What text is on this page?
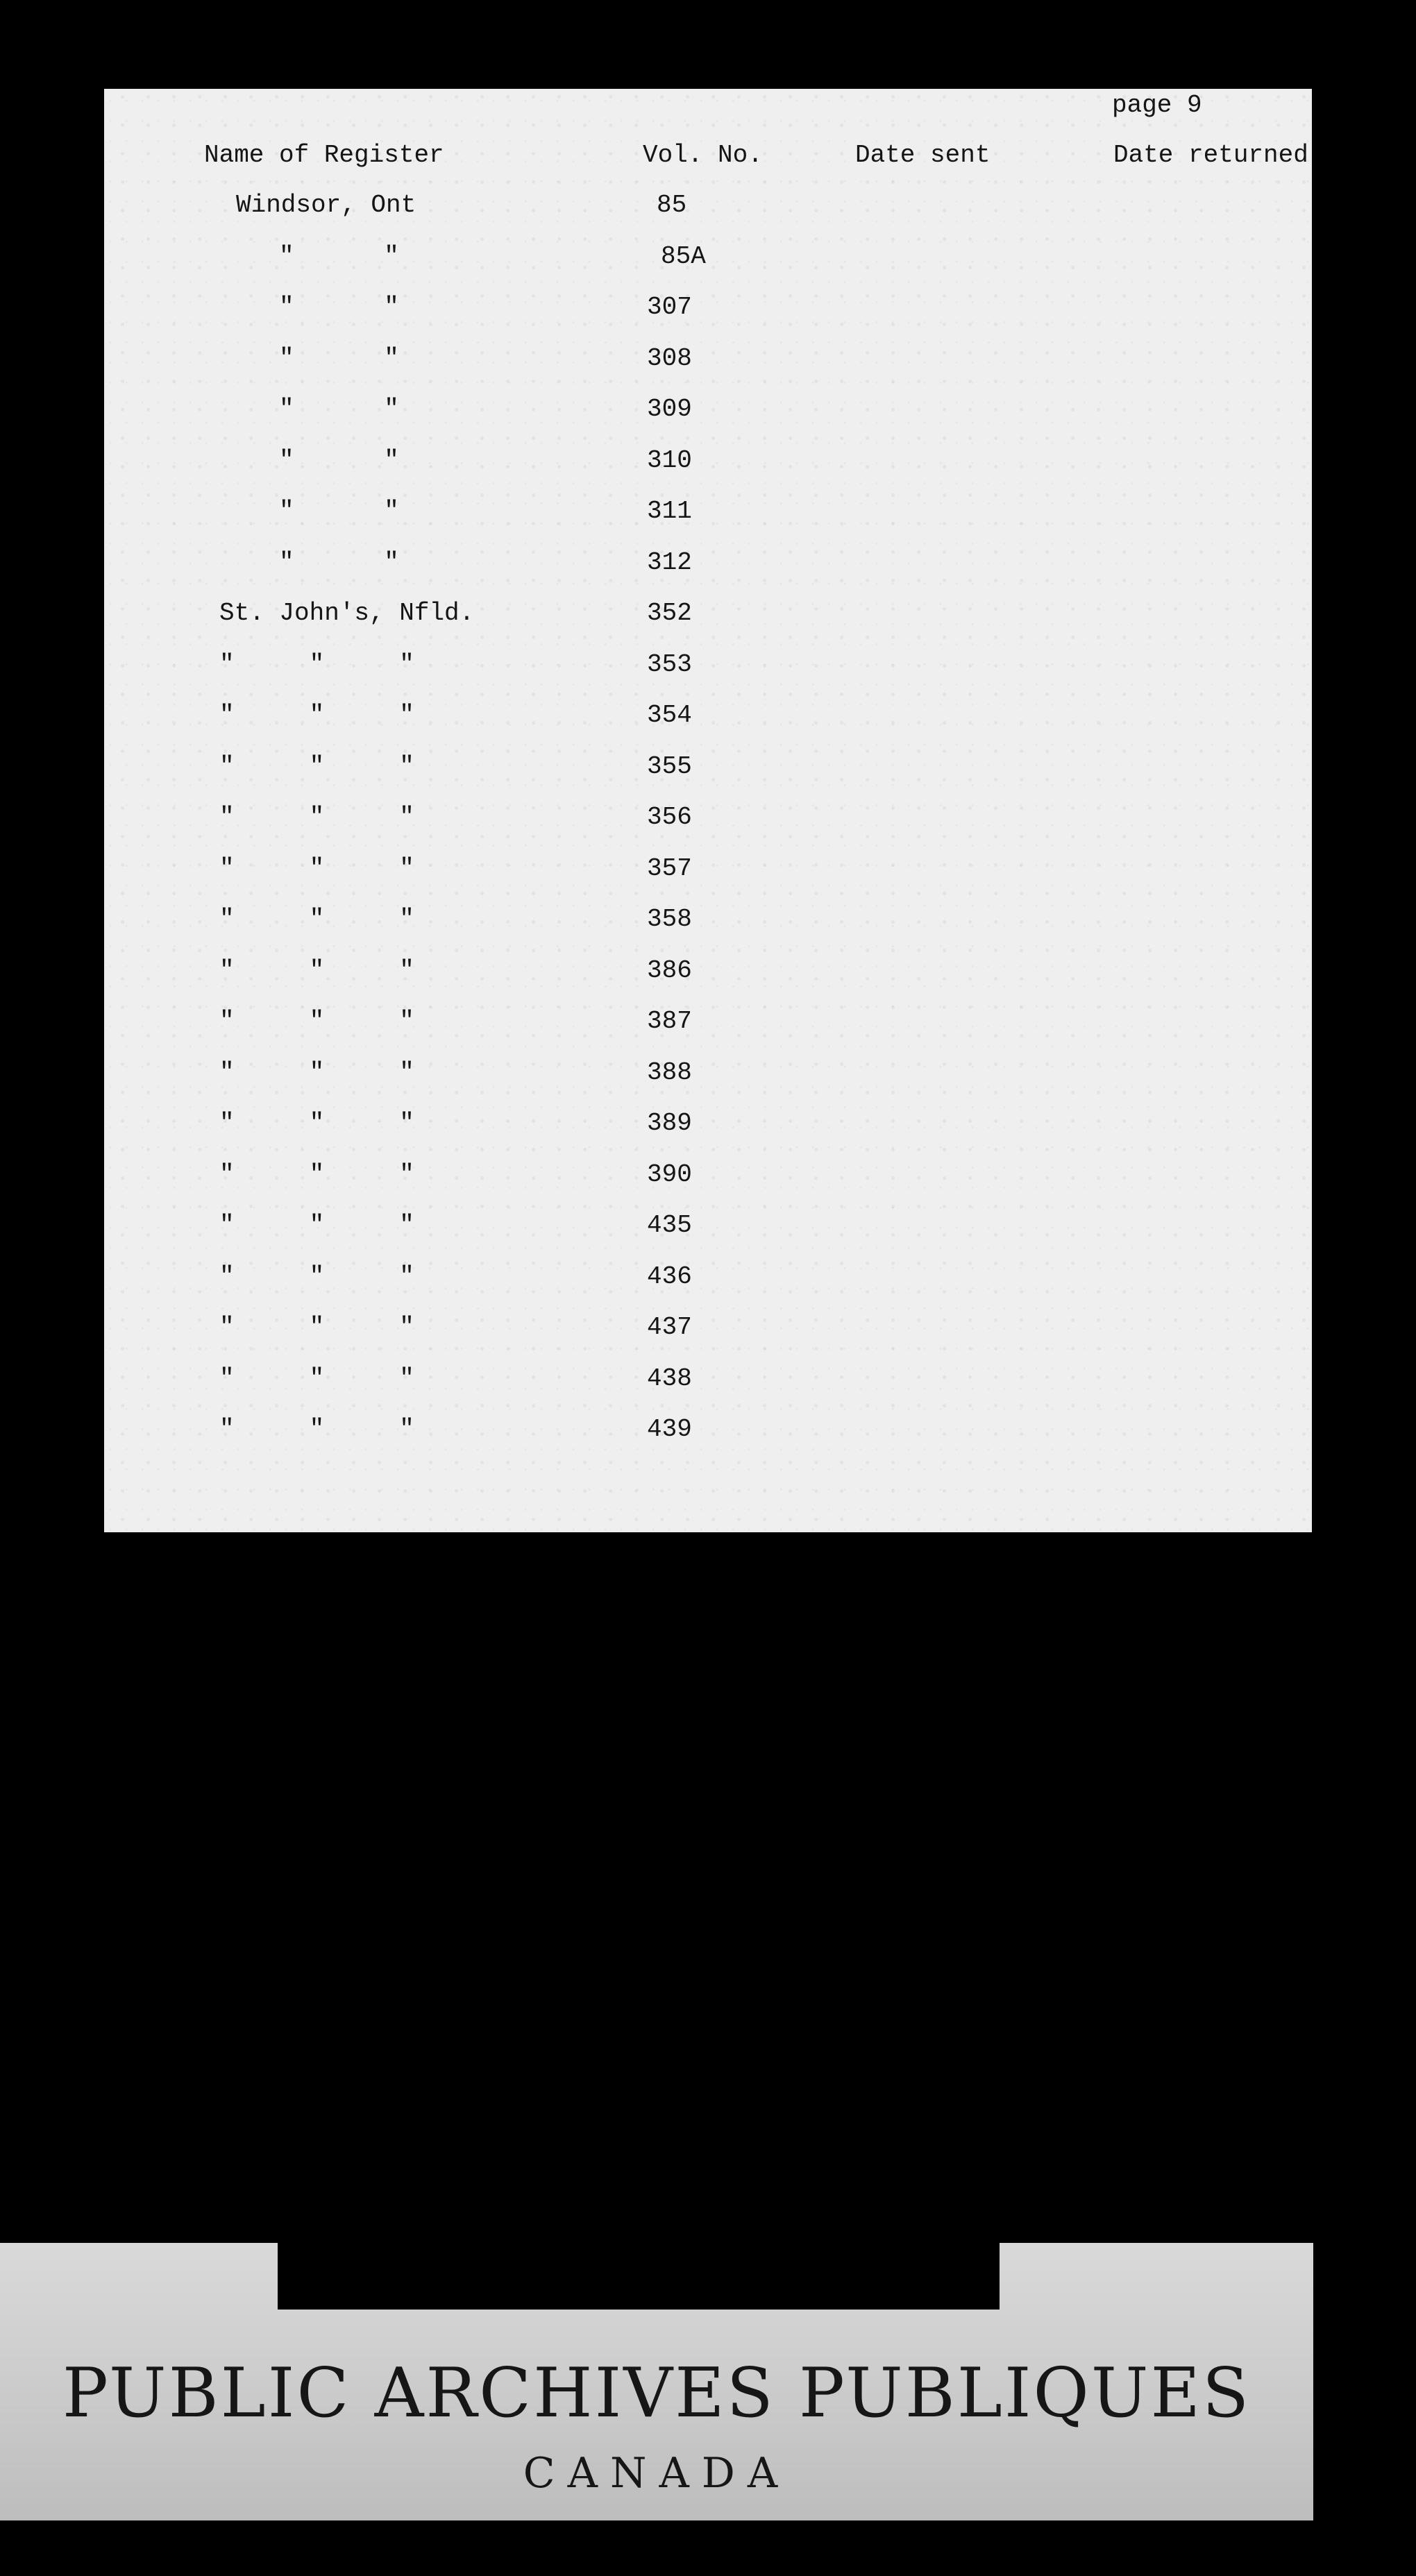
page 9

Name of Register	Vol. No.	Date sent	Date returned

Windsor, Ont	85

"      "	85A

"      "	307

"      "	308

"      "	309

"      "	310

"      "	311

"      "	312

St. John's, Nfld.	352

"     "     "	353

"     "     "	354

"     "     "	355

"     "     "	356

"     "     "	357

"     "     "	358

"     "     "	386

"     "     "	387

"     "     "	388

"     "     "	389

"     "     "	390

"     "     "	435

"     "     "	436

"     "     "	437

"     "     "	438

"     "     "	439

PUBLIC ARCHIVES PUBLIQUES

CANADA
